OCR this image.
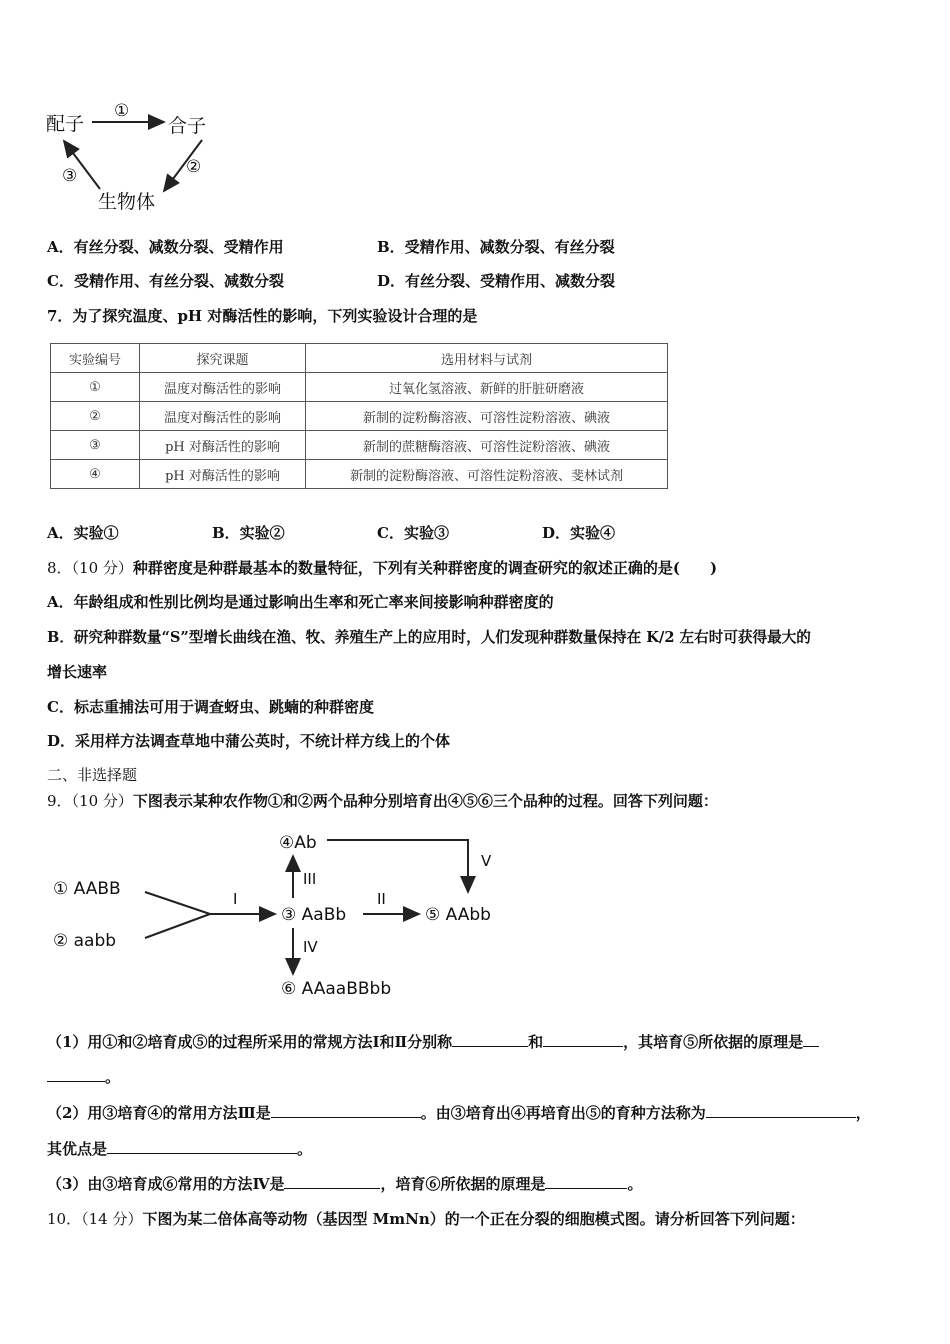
配子	合子
生物体
①
②
③
A．有丝分裂、减数分裂、受精作用	B．受精作用、减数分裂、有丝分裂
C．受精作用、有丝分裂、减数分裂	D．有丝分裂、受精作用、减数分裂
7．为了探究温度、pH 对酶活性的影响，下列实验设计合理的是
实验编号	探究课题	选用材料与试剂
①	温度对酶活性的影响	过氧化氢溶液、新鲜的肝脏研磨液
②	温度对酶活性的影响	新制的淀粉酶溶液、可溶性淀粉溶液、碘液
③	pH 对酶活性的影响	新制的蔗糖酶溶液、可溶性淀粉溶液、碘液
④	pH 对酶活性的影响	新制的淀粉酶溶液、可溶性淀粉溶液、斐林试剂
A．实验①	B．实验②	C．实验③	D．实验④
8．（10 分）种群密度是种群最基本的数量特征，下列有关种群密度的调查研究的叙述正确的是(　　)
A．年龄组成和性别比例均是通过影响出生率和死亡率来间接影响种群密度的
B．研究种群数量“S”型增长曲线在渔、牧、养殖生产上的应用时，人们发现种群数量保持在 K/2 左右时可获得最大的
增长速率
C．标志重捕法可用于调查蚜虫、跳蝻的种群密度
D．采用样方法调查草地中蒲公英时，不统计样方线上的个体
二、非选择题
9．（10 分）下图表示某种农作物①和②两个品种分别培育出④⑤⑥三个品种的过程。回答下列问题：
① AABB
② aabb
③ AaBb
④Ab
⑤ AAbb
⑥ AAaaBBbb
I	II
III
IV
V
（1）用①和②培育成⑤的过程所采用的常规方法Ⅰ和Ⅱ分别称	和	，其培育⑤所依据的原理是
。
（2）用③培育④的常用方法Ⅲ是	。由③培育出④再培育出⑤的育种方法称为	，
其优点是	。
（3）由③培育成⑥常用的方法Ⅳ是	，培育⑥所依据的原理是	。
10．（14 分）下图为某二倍体高等动物（基因型 MmNn）的一个正在分裂的细胞模式图。请分析回答下列问题：
